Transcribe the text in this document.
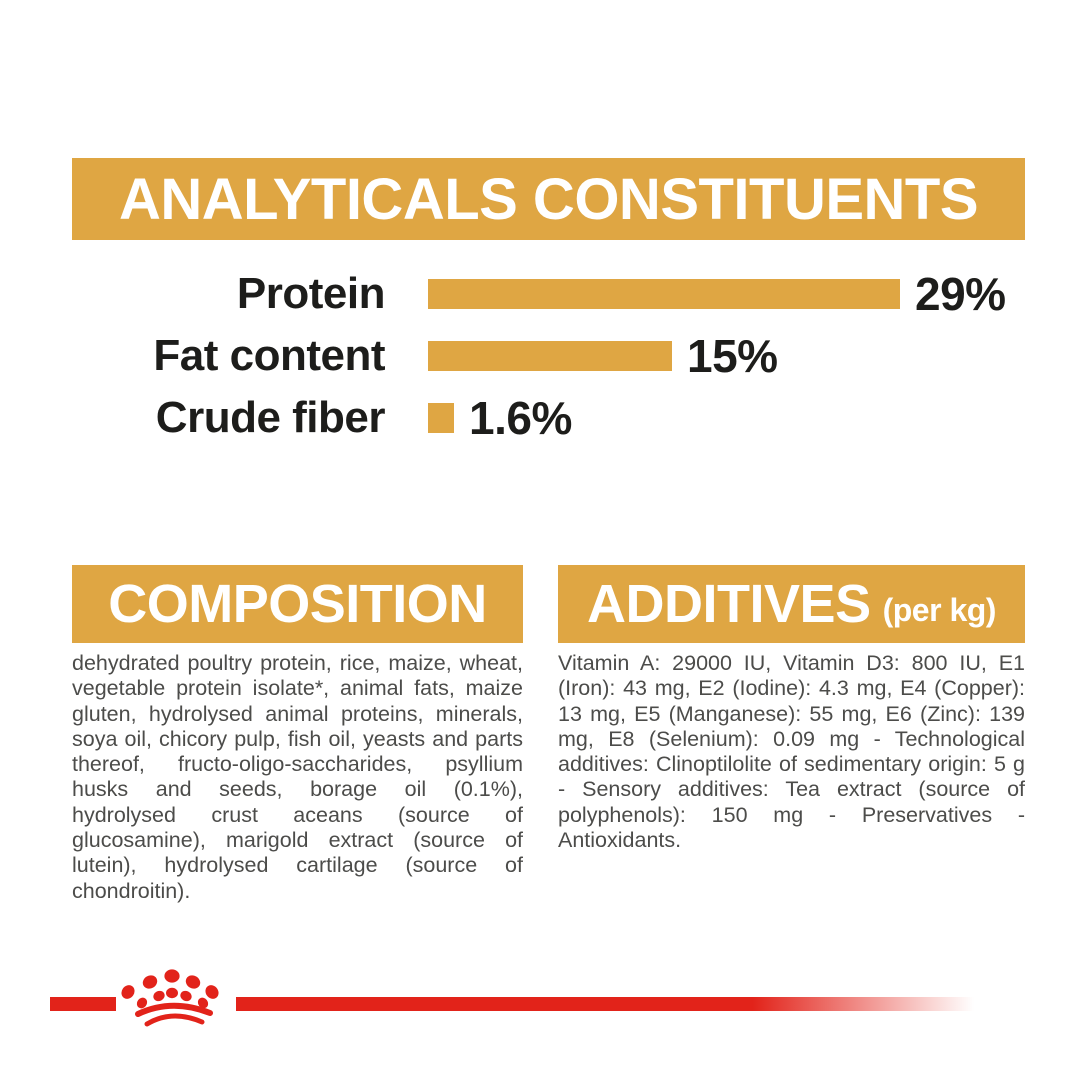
ANALYTICALS CONSTITUENTS
Protein	29%
Fat content	15%
Crude fiber 1.6%
COMPOSITION

dehydrated poultry protein, rice, maize, wheat, vegetable protein isolate*, animal fats, maize gluten, hydrolysed animal proteins, minerals, soya oil, chicory pulp, fish oil, yeasts and parts thereof, fructo-oligo-saccharides, psyllium husks and seeds, borage oil (0.1%), hydrolysed crust aceans (source of glucosamine), marigold extract (source of lutein), hydrolysed cartilage (source of chondroitin).

ADDITIVES (per kg)

Vitamin A: 29000 IU, Vitamin D3: 800 IU, E1 (Iron): 43 mg, E2 (Iodine): 4.3 mg, E4 (Copper): 13 mg, E5 (Manganese): 55 mg, E6 (Zinc): 139 mg, E8 (Selenium): 0.09 mg - Technological additives: Clinoptilolite of sedimentary origin: 5 g - Sensory additives: Tea extract (source of polyphenols): 150 mg - Preservatives - Antioxidants.
